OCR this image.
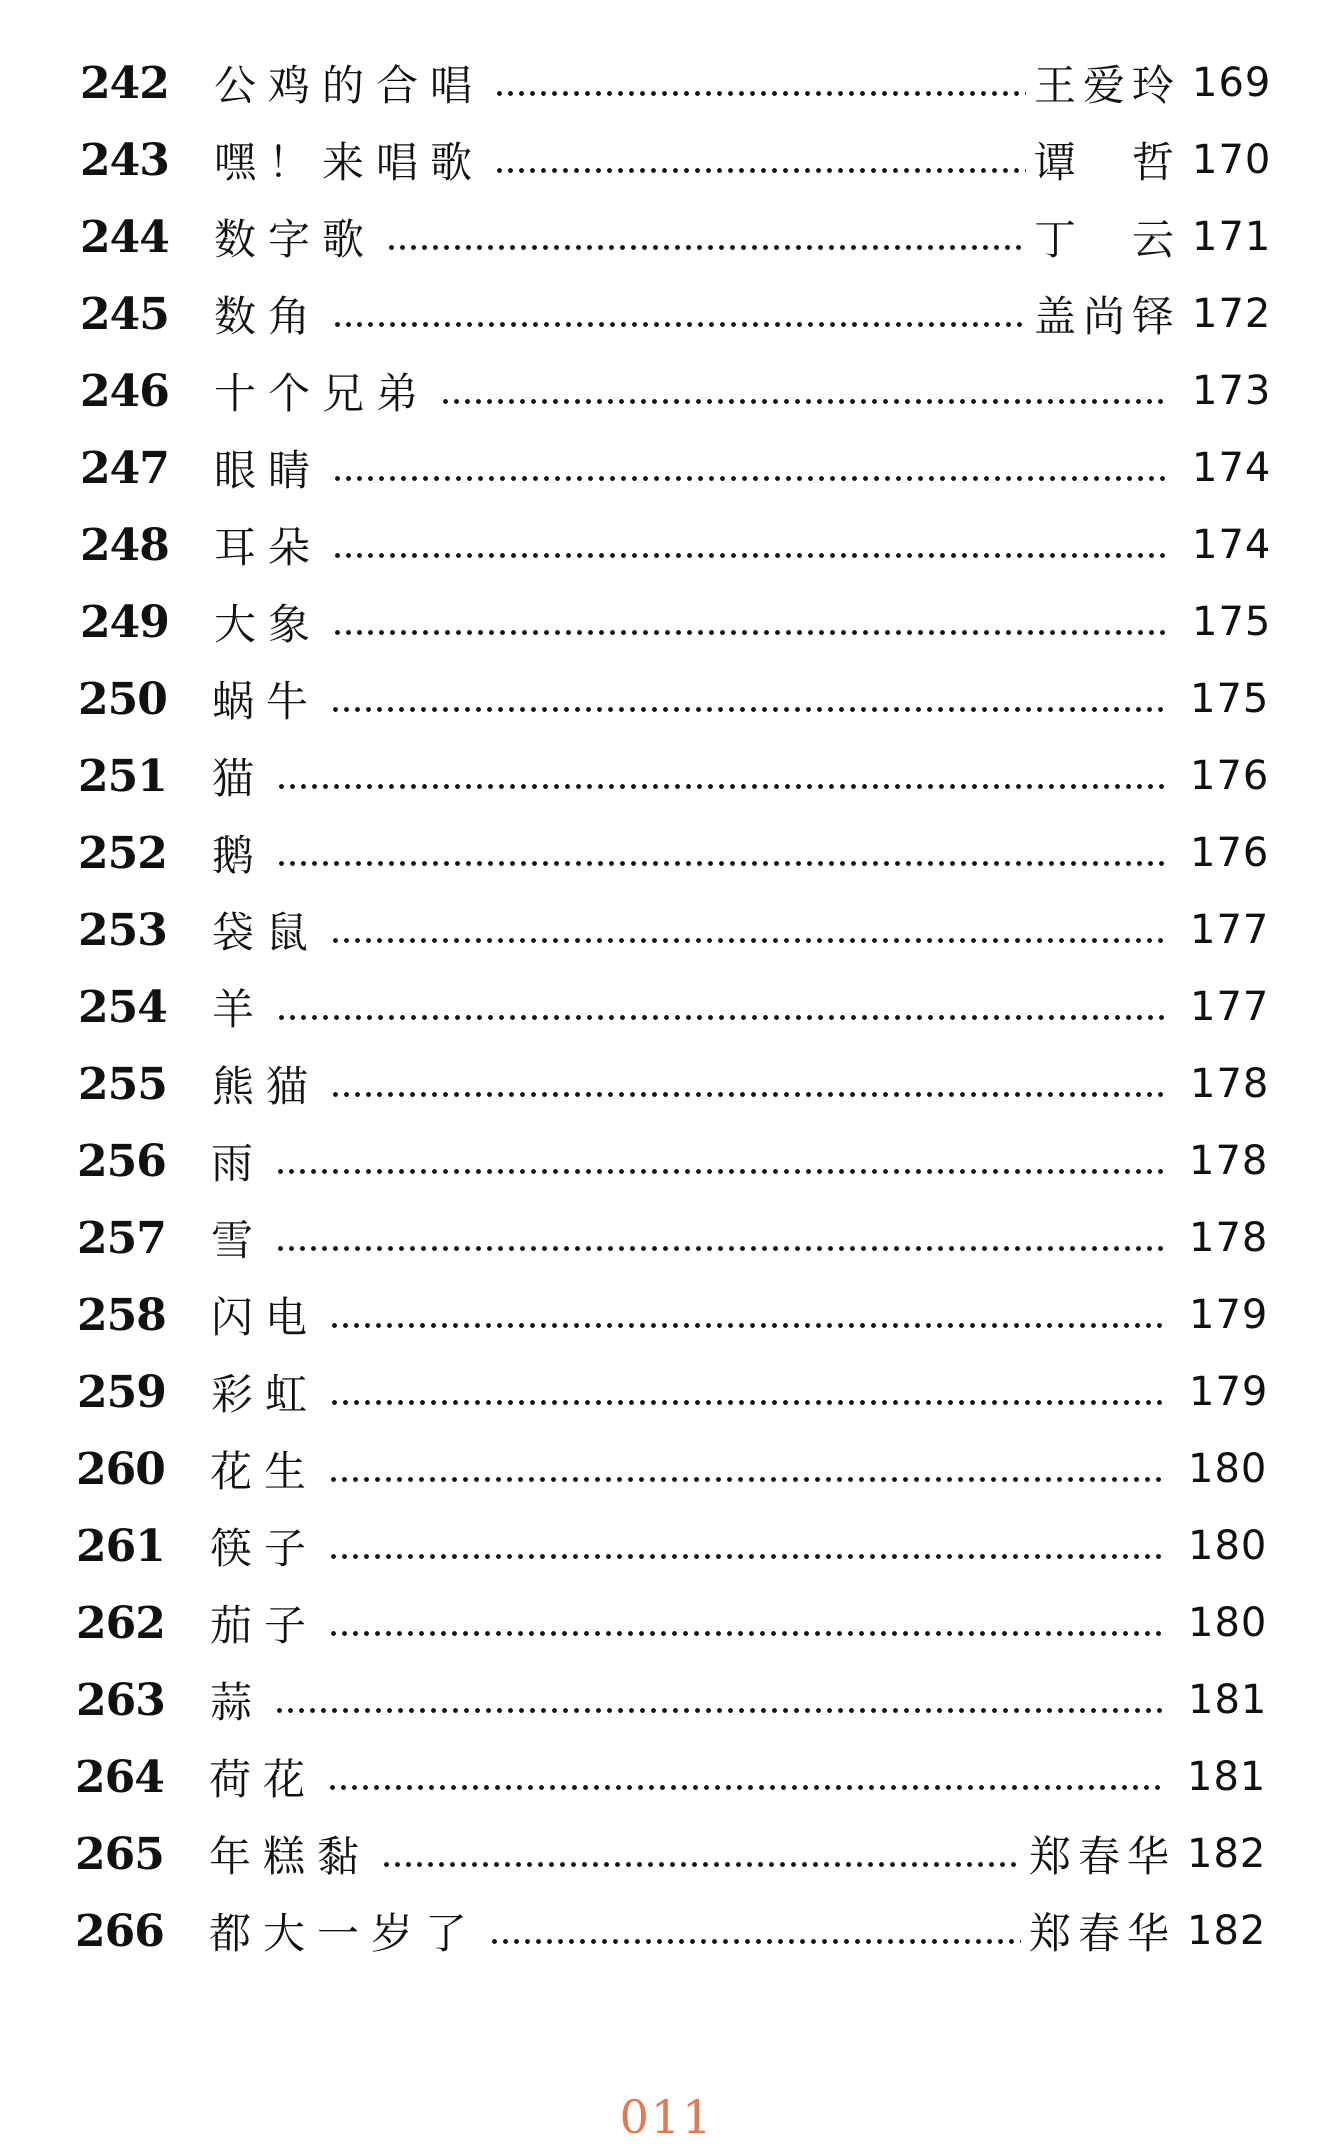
242	公鸡的合唱	王爱玲 169
243	嘿！来唱歌	谭　哲 170
244	数字歌	丁　云 171
245	数角	盖尚铎 172
246	十个兄弟	173
247	眼睛	174
248	耳朵	174
249	大象	175
250	蜗牛	175
251	猫	176
252	鹅	176
253	袋鼠	177
254	羊	177
255	熊猫	178
256	雨	178
257	雪	178
258	闪电	179
259	彩虹	179
260	花生	180
261	筷子	180
262	茄子	180
263	蒜	181
264	荷花	181
265	年糕黏	郑春华 182
266	都大一岁了	郑春华 182
011
